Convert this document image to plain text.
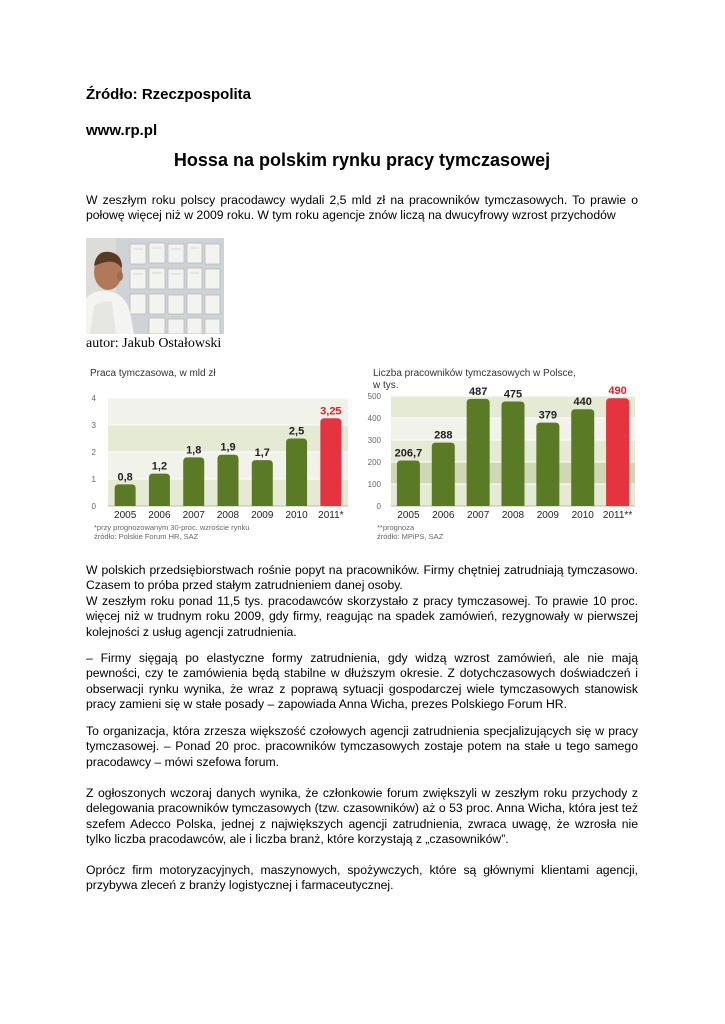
Źródło: Rzeczpospolita
www.rp.pl
Hossa na polskim rynku pracy tymczasowej
W zeszłym roku polscy pracodawcy wydali 2,5 mld zł na pracowników tymczasowych. To prawie o połowę więcej niż w 2009 roku. W tym roku agencje znów liczą na dwucyfrowy wzrost przychodów
autor: Jakub Ostałowski
0
1
2
3
4
Praca tymczasowa, w mld zł
0,8
2005
1,2
2006
1,8
2007
1,9
2008
1,7
2009
2,5
2010
3,25
2011*
*przy prognozowanym 30-proc. wzroście rynku
źródło: Polskie Forum HR, SAZ
0
100
200
300
400
500
Liczba pracowników tymczasowych w Polsce,
w tys.
206,7
2005
288
2006
487
2007
475
2008
379
2009
440
2010
490
2011**
**prognoza
źródło: MPiPS, SAZ
W polskich przedsiębiorstwach rośnie popyt na pracowników. Firmy chętniej zatrudniają tymczasowo. Czasem to próba przed stałym zatrudnieniem danej osoby.
W zeszłym roku ponad 11,5 tys. pracodawców skorzystało z pracy tymczasowej. To prawie 10 proc. więcej niż w trudnym roku 2009, gdy firmy, reagując na spadek zamówień, rezygnowały w pierwszej kolejności z usług agencji zatrudnienia.
– Firmy sięgają po elastyczne formy zatrudnienia, gdy widzą wzrost zamówień, ale nie mają pewności, czy te zamówienia będą stabilne w dłuższym okresie. Z dotychczasowych doświadczeń i obserwacji rynku wynika, że wraz z poprawą sytuacji gospodarczej wiele tymczasowych stanowisk pracy zamieni się w stałe posady – zapowiada Anna Wicha, prezes Polskiego Forum HR.
To organizacja, która zrzesza większość czołowych agencji zatrudnienia specjalizujących się w pracy tymczasowej. – Ponad 20 proc. pracowników tymczasowych zostaje potem na stałe u tego samego pracodawcy – mówi szefowa forum.
Z ogłoszonych wczoraj danych wynika, że członkowie forum zwiększyli w zeszłym roku przychody z delegowania pracowników tymczasowych (tzw. czasowników) aż o 53 proc. Anna Wicha, która jest też szefem Adecco Polska, jednej z największych agencji zatrudnienia, zwraca uwagę, że wzrosła nie tylko liczba pracodawców, ale i liczba branż, które korzystają z „czasowników”.
Oprócz firm motoryzacyjnych, maszynowych, spożywczych, które są głównymi klientami agencji, przybywa zleceń z branży logistycznej i farmaceutycznej.
